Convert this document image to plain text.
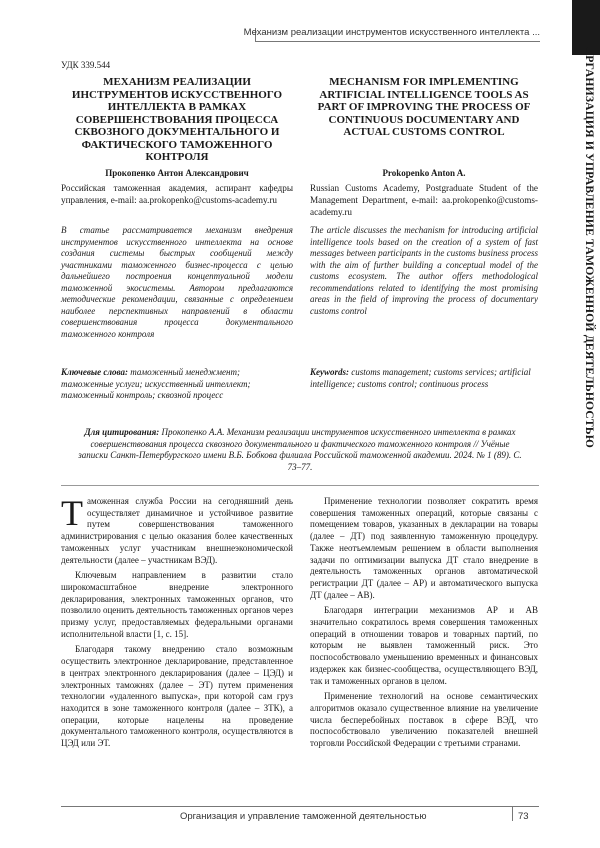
Механизм реализации инструментов искусственного интеллекта ...
ОРГАНИЗАЦИЯ И УПРАВЛЕНИЕ ТАМОЖЕННОЙ ДЕЯТЕЛЬНОСТЬЮ
УДК 339.544

МЕХАНИЗМ РЕАЛИЗАЦИИ ИНСТРУМЕНТОВ ИСКУССТВЕННОГО ИНТЕЛЛЕКТА В РАМКАХ СОВЕРШЕНСТВОВАНИЯ ПРОЦЕССА СКВОЗНОГО ДОКУМЕНТАЛЬНОГО И ФАКТИЧЕСКОГО ТАМОЖЕННОГО КОНТРОЛЯ

Прокопенко Антон Александрович

Российская таможенная академия, аспирант кафедры управления, e-mail: aa.prokopenko@customs-academy.ru

В статье рассматривается механизм внедрения инструментов искусственного интеллекта на основе создания системы быстрых сообщений между участниками таможенного бизнес-процесса с целью дальнейшего построения концептуальной модели таможенной экосистемы. Автором предлагаются методические рекомендации, связанные с определением наиболее перспективных направлений в области совершенствования процесса документального таможенного контроля

Ключевые слова: таможенный менеджмент; таможенные услуги; искусственный интеллект; таможенный контроль; сквозной процесс

MECHANISM FOR IMPLEMENTING ARTIFICIAL INTELLIGENCE TOOLS AS PART OF IMPROVING THE PROCESS OF CONTINUOUS DOCUMENTARY AND ACTUAL CUSTOMS CONTROL

Prokopenko Anton A.

Russian Customs Academy, Postgraduate Student of the Management Department, e-mail: aa.prokopenko@customs-academy.ru

The article discusses the mechanism for introducing artificial intelligence tools based on the creation of a system of fast messages between participants in the customs business process with the aim of further building a conceptual model of the customs ecosystem. The author offers methodological recommendations related to identifying the most promising areas in the field of improving the process of documentary customs control

Keywords: customs management; customs services; artificial intelligence; customs control; continuous process

Для цитирования: Прокопенко А.А. Механизм реализации инструментов искусственного интеллекта в рамках совершенствования процесса сквозного документального и фактического таможенного контроля // Учёные записки Санкт-Петербургского имени В.Б. Бобкова филиала Российской таможенной академии. 2024. № 1 (89). С. 73–77.

Таможенная служба России на сегодняшний день осуществляет динамичное и устойчивое развитие путем совершенствования таможенного администрирования с целью оказания более качественных таможенных услуг участникам внешнеэкономической деятельности (далее – участникам ВЭД).

Ключевым направлением в развитии стало широкомасштабное внедрение электронного декларирования, электронных таможенных органов, что позволило оценить деятельность таможенных органов через призму услуг, предоставляемых федеральными органами исполнительной власти [1, с. 15].

Благодаря такому внедрению стало возможным осуществить электронное декларирование, представленное в центрах электронного декларирования (далее – ЦЭД) и электронных таможнях (далее – ЭТ) путем применения технологии «удаленного выпуска», при которой сам груз находится в зоне таможенного контроля (далее – ЗТК), а операции, которые нацелены на проведение документального таможенного контроля, осуществляются в ЦЭД или ЭТ.

Применение технологии позволяет сократить время совершения таможенных операций, которые связаны с помещением товаров, указанных в декларации на товары (далее – ДТ) под заявленную таможенную процедуру. Также неотъемлемым решением в области выполнения задачи по оптимизации выпуска ДТ стало внедрение в деятельность таможенных органов автоматической регистрации ДТ (далее – АР) и автоматического выпуска ДТ (далее – АВ).

Благодаря интеграции механизмов АР и АВ значительно сократилось время совершения таможенных операций в отношении товаров и товарных партий, по которым не выявлен таможенный риск. Это поспособствовало уменьшению временных и финансовых издержек как бизнес-сообщества, осуществляющего ВЭД, так и таможенных органов в целом.

Применение технологий на основе семантических алгоритмов оказало существенное влияние на увеличение числа бесперебойных поставок в сфере ВЭД, что поспособствовало увеличению показателей внешней торговли Российской Федерации с третьими странами.

Организация и управление таможенной деятельностью	73
